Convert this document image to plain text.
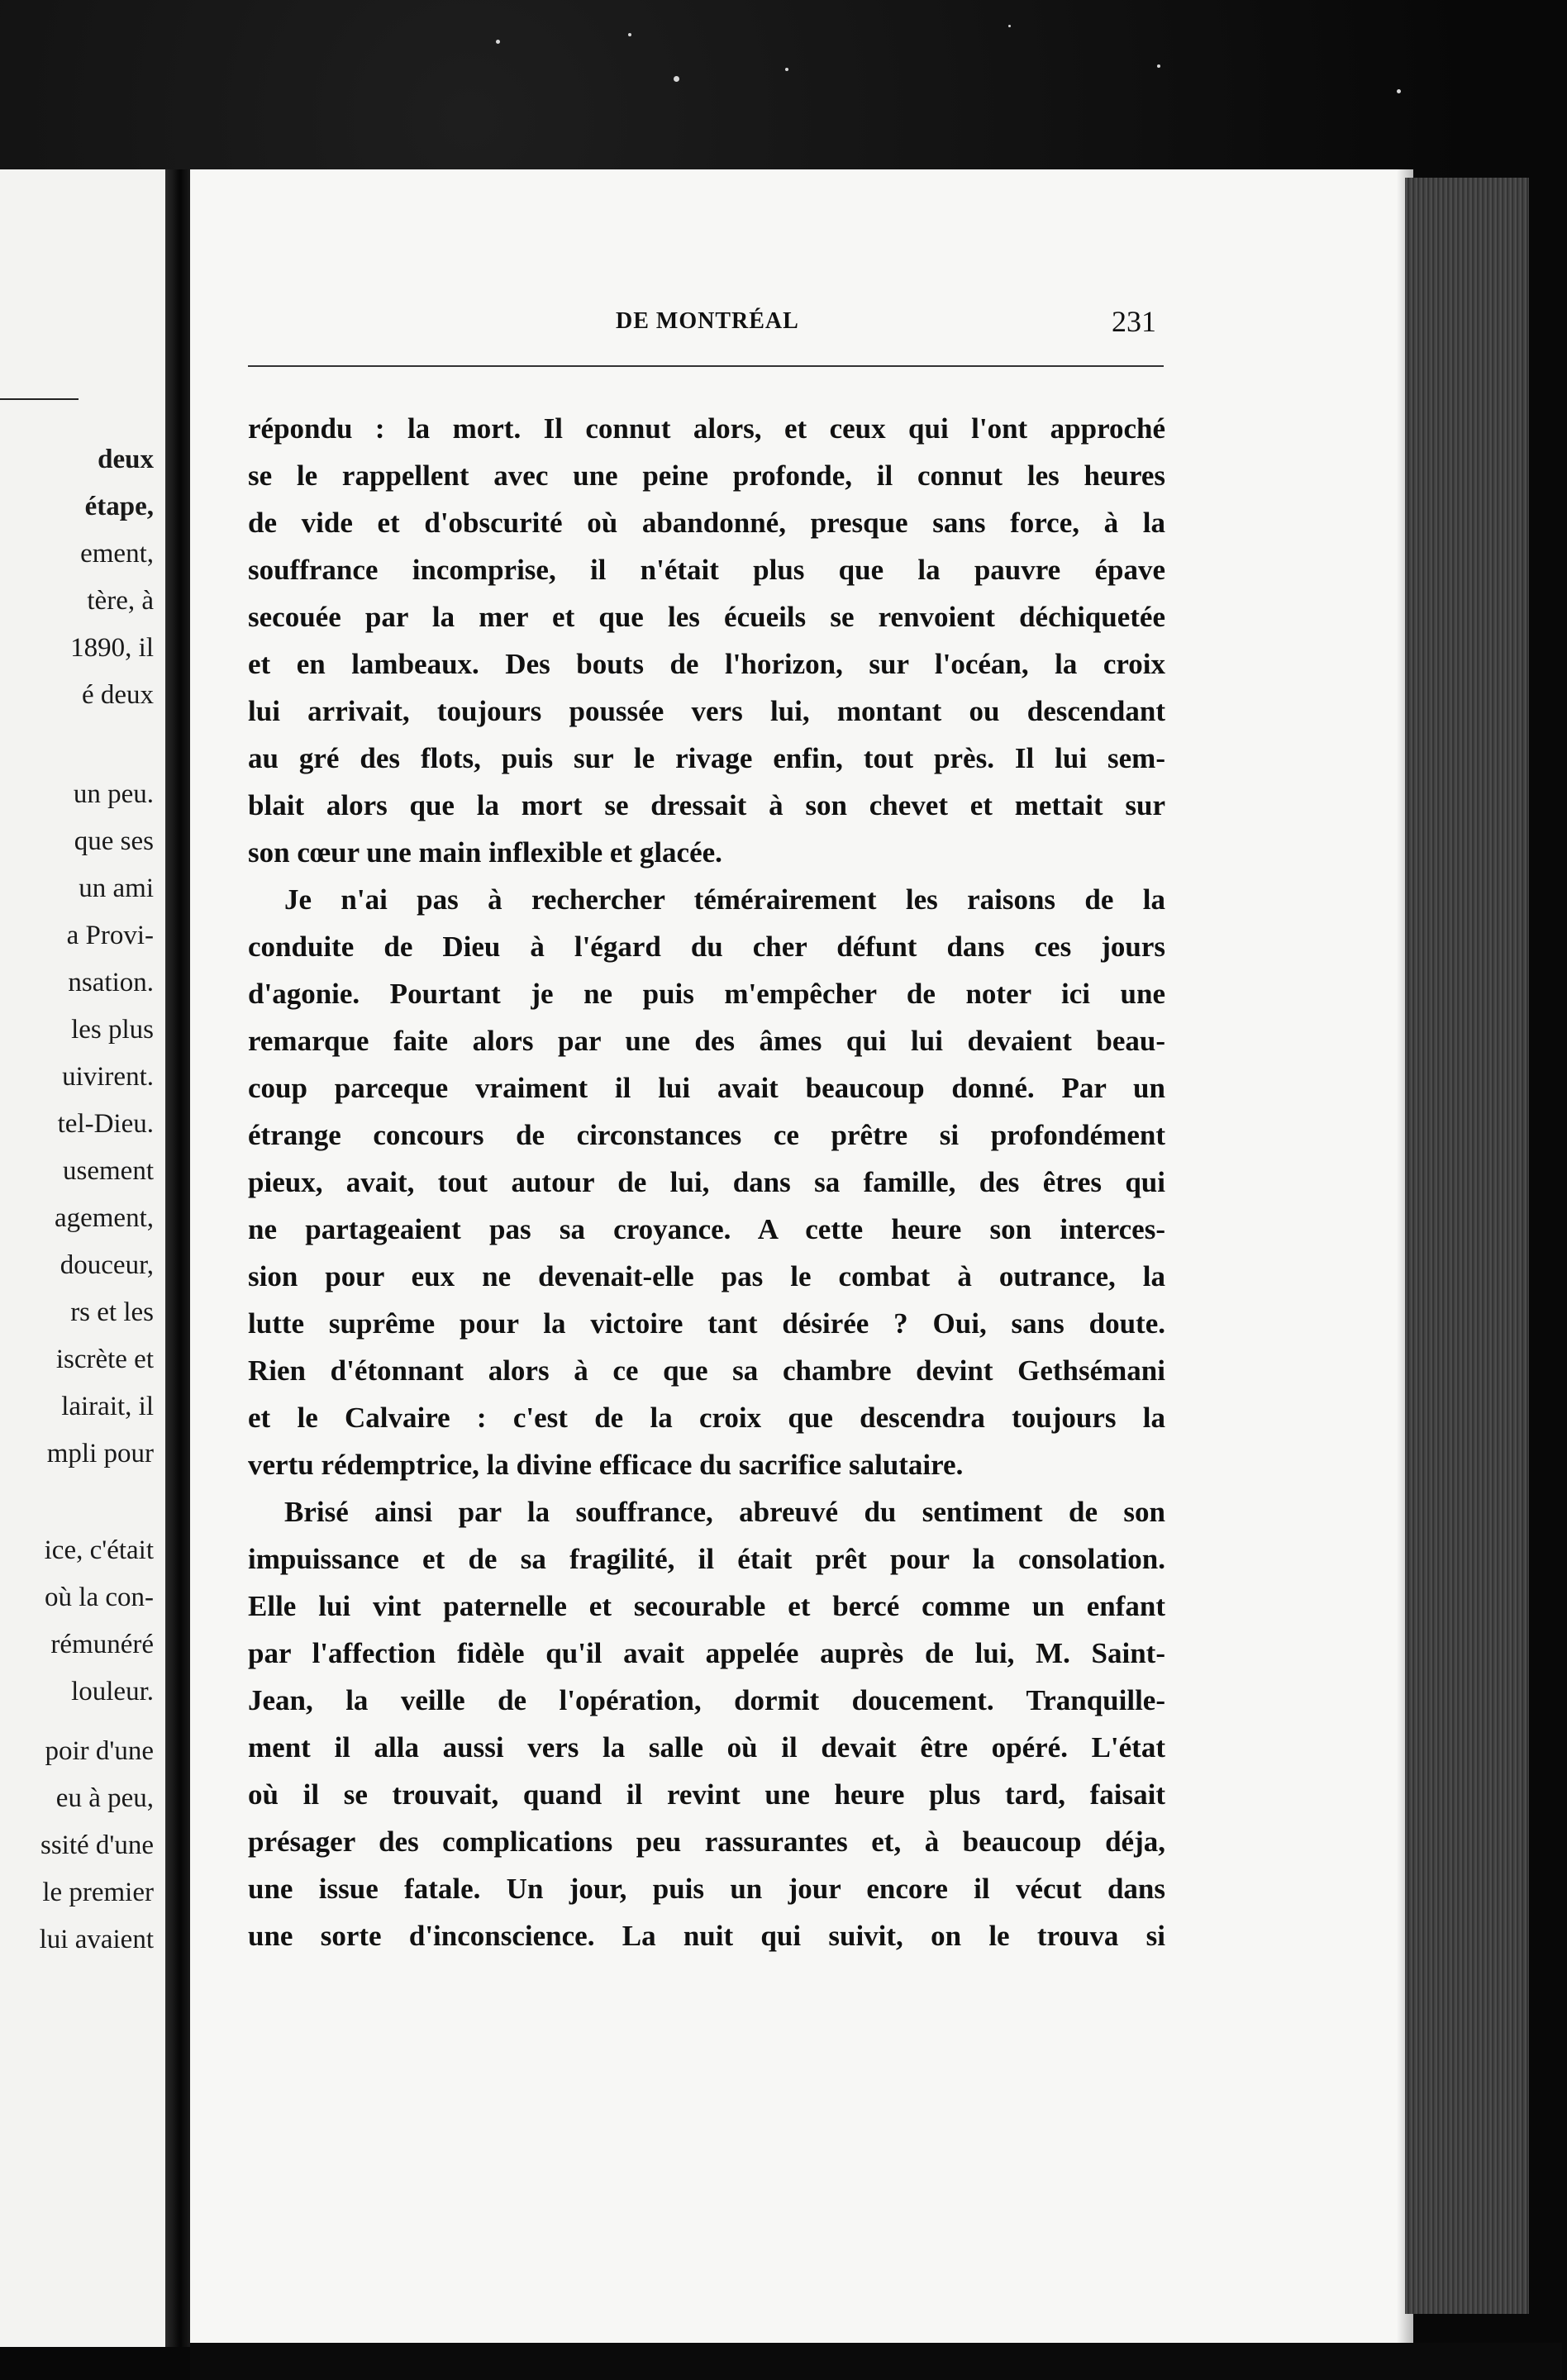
deux
étape,
ement,
tère, à
1890, il
é deux
un peu.
que ses
un ami
a Provi-
nsation.
les plus
uivirent.
tel-Dieu.
usement
agement,
douceur,
rs et les
iscrète et
lairait, il
mpli pour
ice, c'était
où la con-
rémunéré
louleur.
poir d'une
eu à peu,
ssité d'une
le premier
lui avaient
DE MONTRÉAL	231
répondu : la mort. Il connut alors, et ceux qui l'ont approché
se le rappellent avec une peine profonde, il connut les heures
de vide et d'obscurité où abandonné, presque sans force, à la
souffrance incomprise, il n'était plus que la pauvre épave
secouée par la mer et que les écueils se renvoient déchiquetée
et en lambeaux. Des bouts de l'horizon, sur l'océan, la croix
lui arrivait, toujours poussée vers lui, montant ou descendant
au gré des flots, puis sur le rivage enfin, tout près. Il lui sem-
blait alors que la mort se dressait à son chevet et mettait sur
son cœur une main inflexible et glacée.
Je n'ai pas à rechercher témérairement les raisons de la
conduite de Dieu à l'égard du cher défunt dans ces jours
d'agonie. Pourtant je ne puis m'empêcher de noter ici une
remarque faite alors par une des âmes qui lui devaient beau-
coup parceque vraiment il lui avait beaucoup donné. Par un
étrange concours de circonstances ce prêtre si profondément
pieux, avait, tout autour de lui, dans sa famille, des êtres qui
ne partageaient pas sa croyance. A cette heure son interces-
sion pour eux ne devenait-elle pas le combat à outrance, la
lutte suprême pour la victoire tant désirée ? Oui, sans doute.
Rien d'étonnant alors à ce que sa chambre devint Gethsémani
et le Calvaire : c'est de la croix que descendra toujours la
vertu rédemptrice, la divine efficace du sacrifice salutaire.
Brisé ainsi par la souffrance, abreuvé du sentiment de son
impuissance et de sa fragilité, il était prêt pour la consolation.
Elle lui vint paternelle et secourable et bercé comme un enfant
par l'affection fidèle qu'il avait appelée auprès de lui, M. Saint-
Jean, la veille de l'opération, dormit doucement. Tranquille-
ment il alla aussi vers la salle où il devait être opéré. L'état
où il se trouvait, quand il revint une heure plus tard, faisait
présager des complications peu rassurantes et, à beaucoup déja,
une issue fatale. Un jour, puis un jour encore il vécut dans
une sorte d'inconscience. La nuit qui suivit, on le trouva si
